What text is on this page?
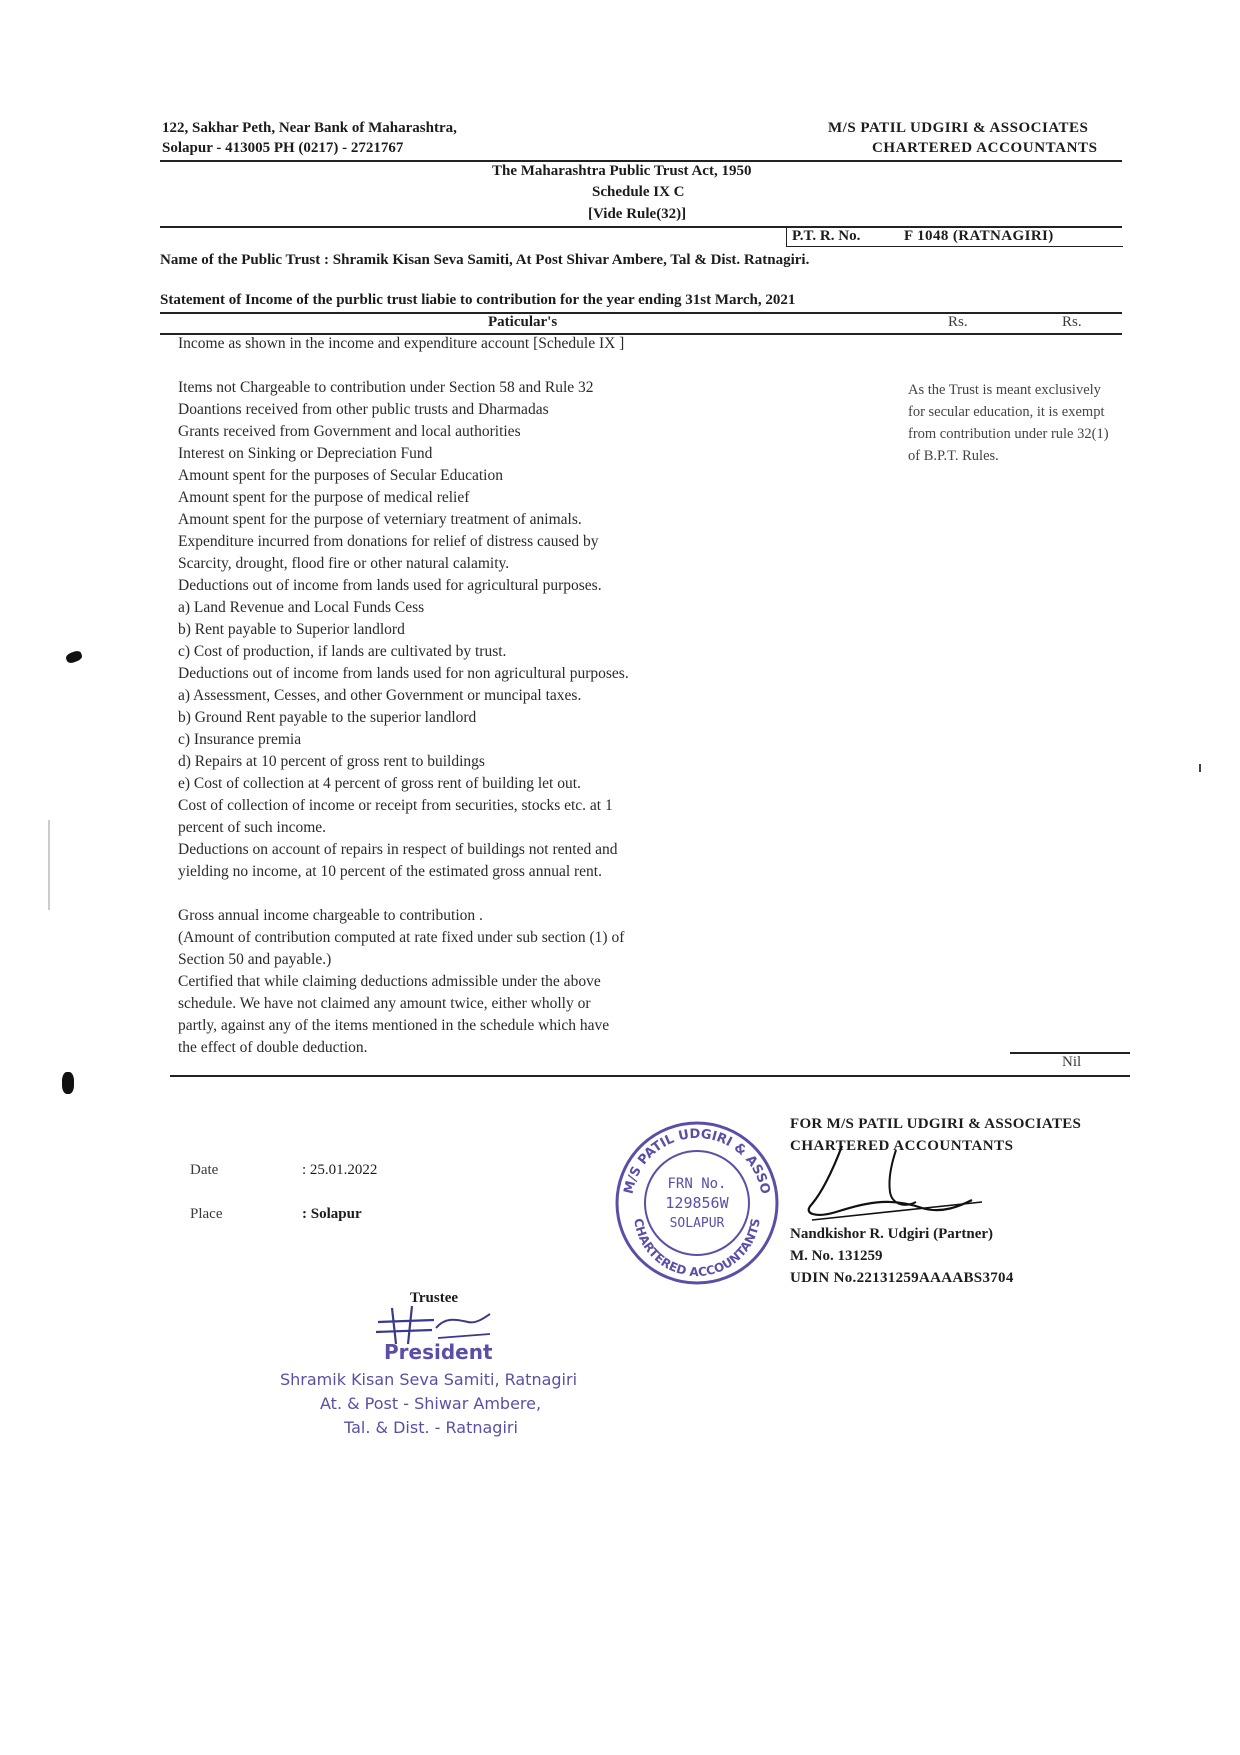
122, Sakhar Peth, Near Bank of Maharashtra,
Solapur - 413005 PH (0217) - 2721767
M/S PATIL UDGIRI & ASSOCIATES
CHARTERED ACCOUNTANTS
The Maharashtra Public Trust Act, 1950
Schedule IX C
[Vide Rule(32)]
P.T. R. No.	F 1048 (RATNAGIRI)
Name of the Public Trust : Shramik Kisan Seva Samiti, At Post Shivar Ambere, Tal & Dist. Ratnagiri.
Statement of Income of the purblic trust liabie to contribution for the year ending 31st March, 2021
Paticular's	Rs.	Rs.
Income as shown in the income and expenditure account [Schedule IX ]
Items not Chargeable to contribution under Section 58 and Rule 32
Doantions received from other public trusts and Dharmadas
Grants received from Government and local authorities
Interest on Sinking or Depreciation Fund
Amount spent for the purposes of Secular Education
Amount spent for the purpose of medical relief
Amount spent for the purpose of veterniary treatment of animals.
Expenditure incurred from donations for relief of distress caused by
Scarcity, drought, flood fire or other natural calamity.
Deductions out of income from lands used for agricultural purposes.
a) Land Revenue and Local Funds Cess
b) Rent payable to Superior landlord
c) Cost of production, if lands are cultivated by trust.
Deductions out of income from lands used for non agricultural purposes.
a) Assessment, Cesses, and other Government or muncipal taxes.
b) Ground Rent payable to the superior landlord
c) Insurance premia
d) Repairs at 10 percent of gross rent to buildings
e) Cost of collection at 4 percent of gross rent of building let out.
Cost of collection of income or receipt from securities, stocks etc. at 1
percent of such income.
Deductions on account of repairs in respect of buildings not rented and
yielding no income, at 10 percent of the estimated gross annual rent.
Gross annual income chargeable to contribution .
(Amount of contribution computed at rate fixed under sub section (1) of
Section 50 and payable.)
Certified that while claiming deductions admissible under the above
schedule. We have not claimed any amount twice, either wholly or
partly, against any of the items mentioned in the schedule which have
the effect of double deduction.
As the Trust is meant exclusively for secular education, it is exempt from contribution under rule 32(1) of B.P.T. Rules.
Nil
Date	: 25.01.2022
Place	: Solapur
M/S PATIL UDGIRI & ASSO
CHARTERED ACCOUNTANTS
FRN No.
129856W
SOLAPUR
FOR M/S PATIL UDGIRI & ASSOCIATES
CHARTERED ACCOUNTANTS
Nandkishor R. Udgiri (Partner)
M. No. 131259
UDIN No.22131259AAAABS3704
Trustee
President
Shramik Kisan Seva Samiti, Ratnagiri
At. & Post - Shiwar Ambere,
Tal. & Dist. - Ratnagiri
